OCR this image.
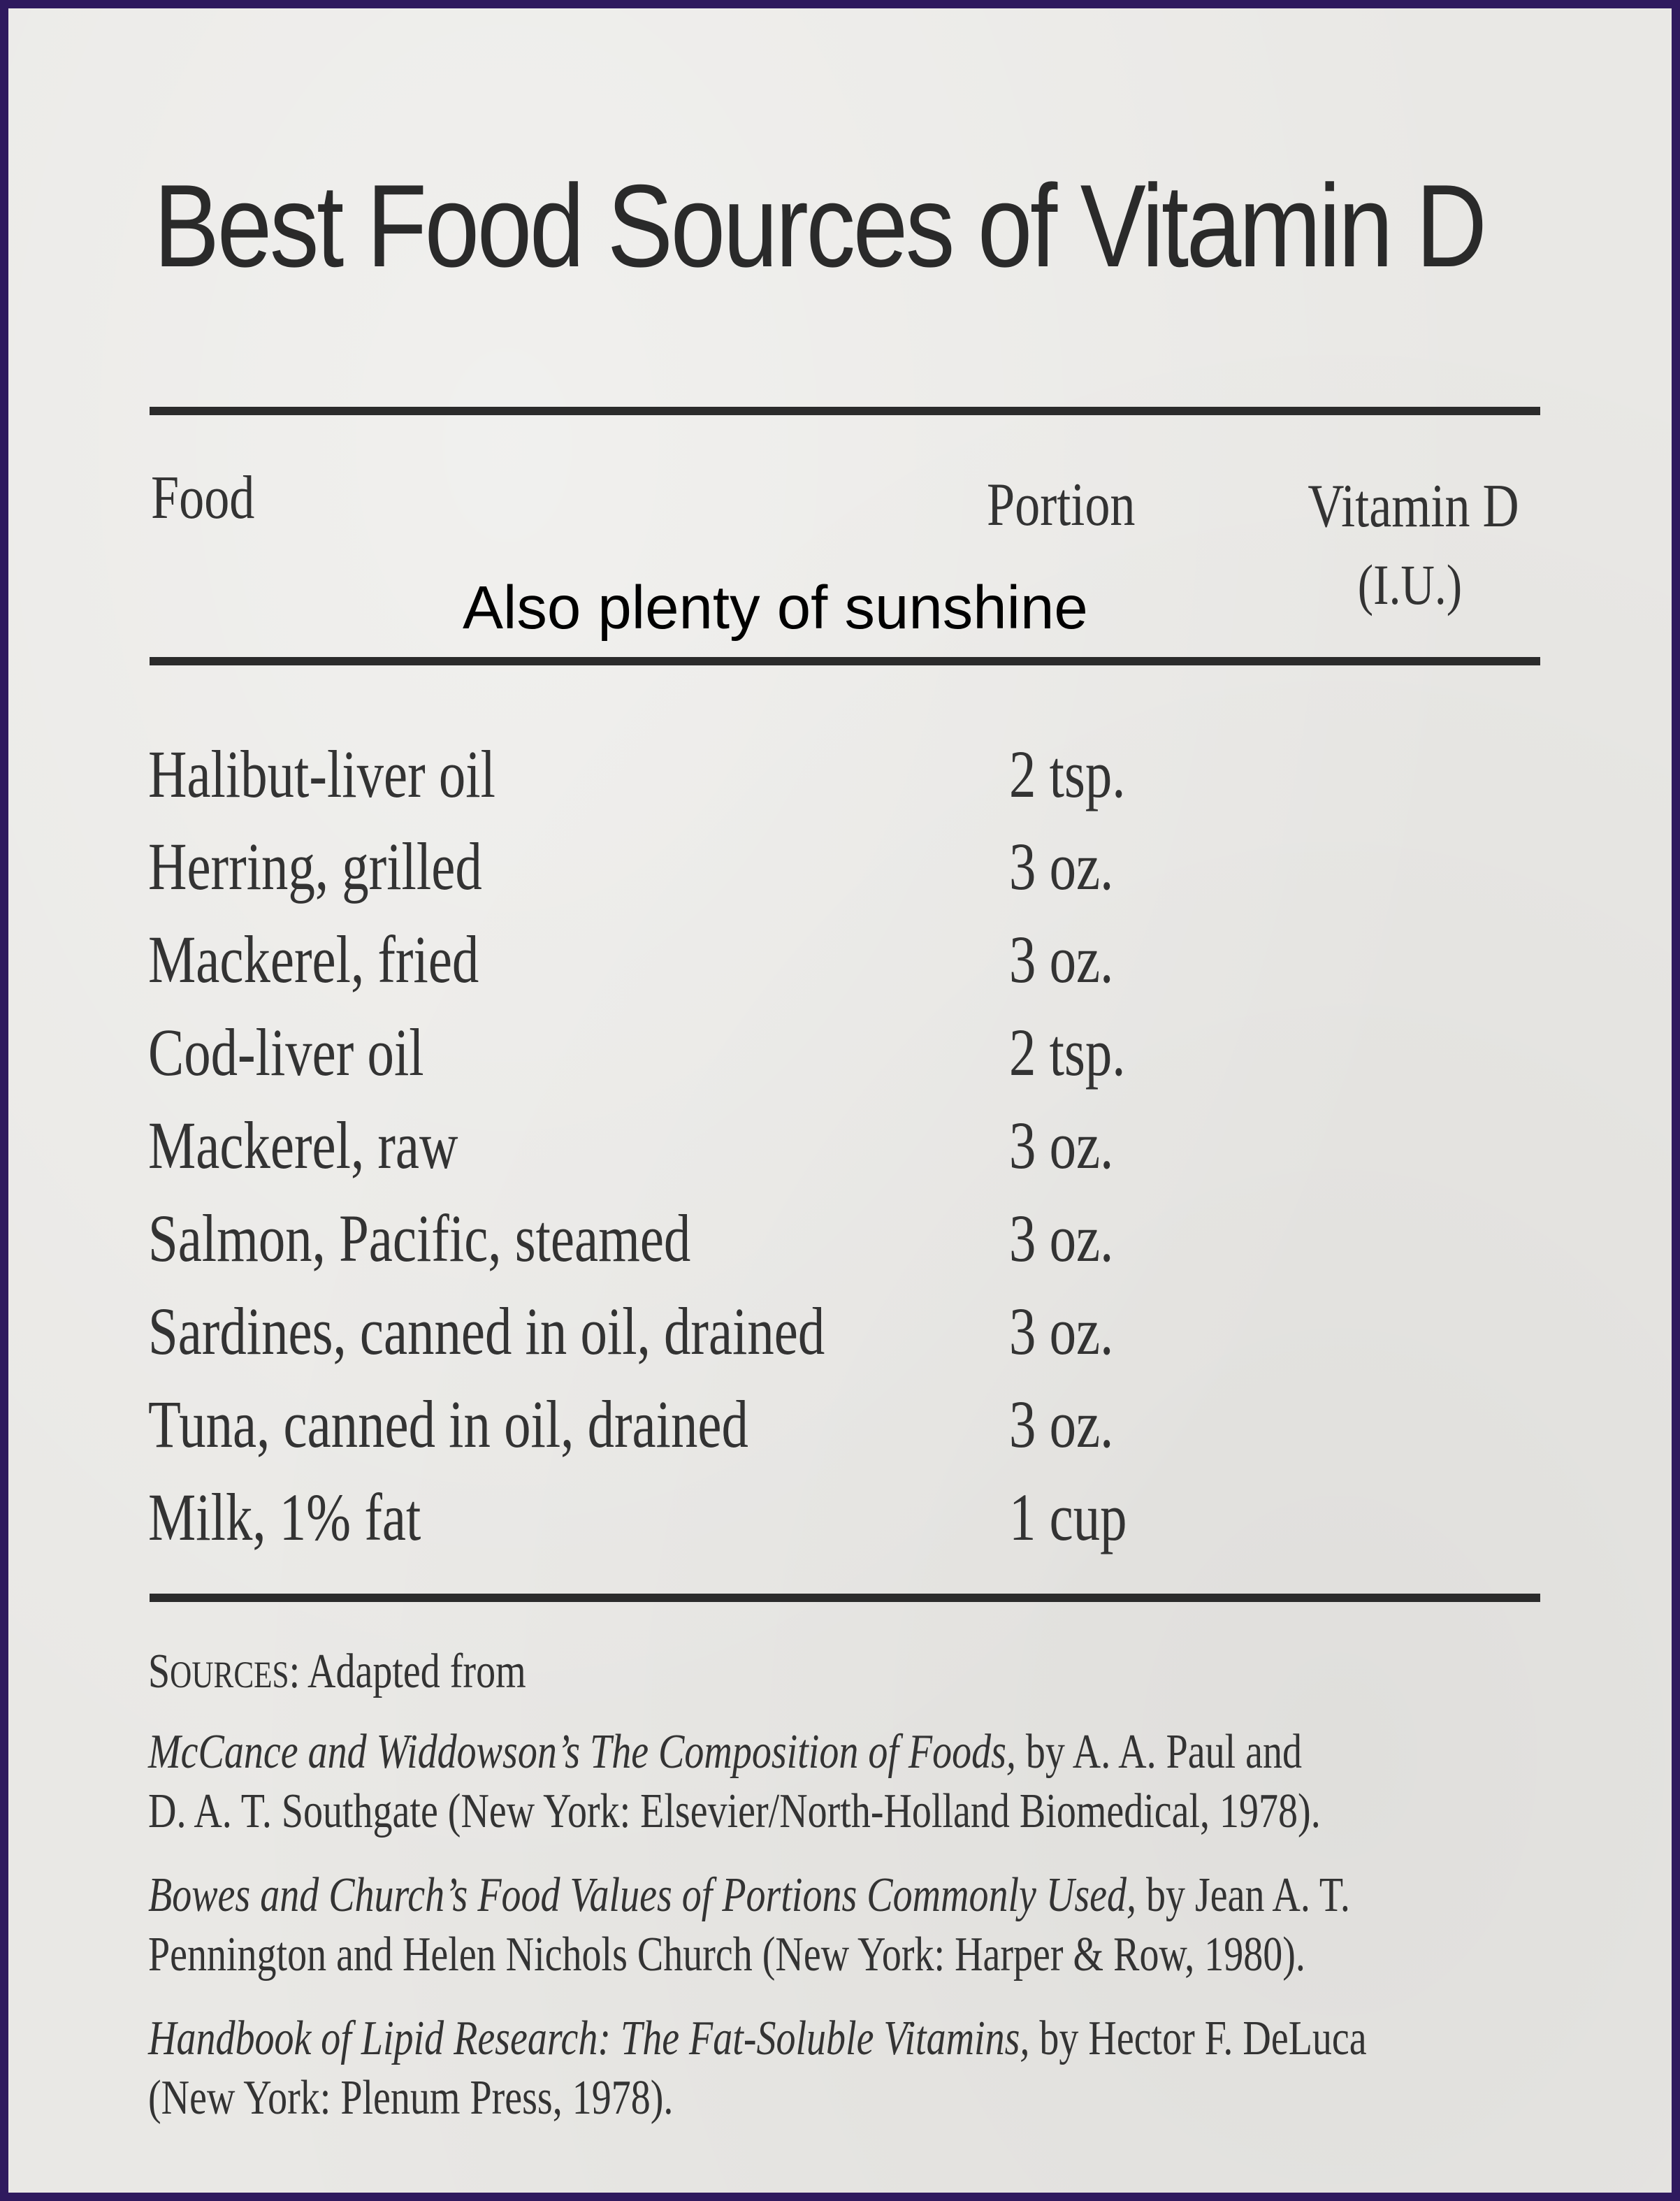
Best Food Sources of Vitamin D
Food	Portion	Vitamin D
(I.U.)
Also plenty of sunshine
Halibut-liver oil	2 tsp.
Herring, grilled	3 oz.
Mackerel, fried	3 oz.
Cod-liver oil	2 tsp.
Mackerel, raw	3 oz.
Salmon, Pacific, steamed	3 oz.
Sardines, canned in oil, drained	3 oz.
Tuna, canned in oil, drained	3 oz.
Milk, 1% fat	1 cup
SOURCES: Adapted from
McCance and Widdowson’s The Composition of Foods, by A. A. Paul and
D. A. T. Southgate (New York: Elsevier/North-Holland Biomedical, 1978).
Bowes and Church’s Food Values of Portions Commonly Used, by Jean A. T.
Pennington and Helen Nichols Church (New York: Harper & Row, 1980).
Handbook of Lipid Research: The Fat-Soluble Vitamins, by Hector F. DeLuca
(New York: Plenum Press, 1978).
